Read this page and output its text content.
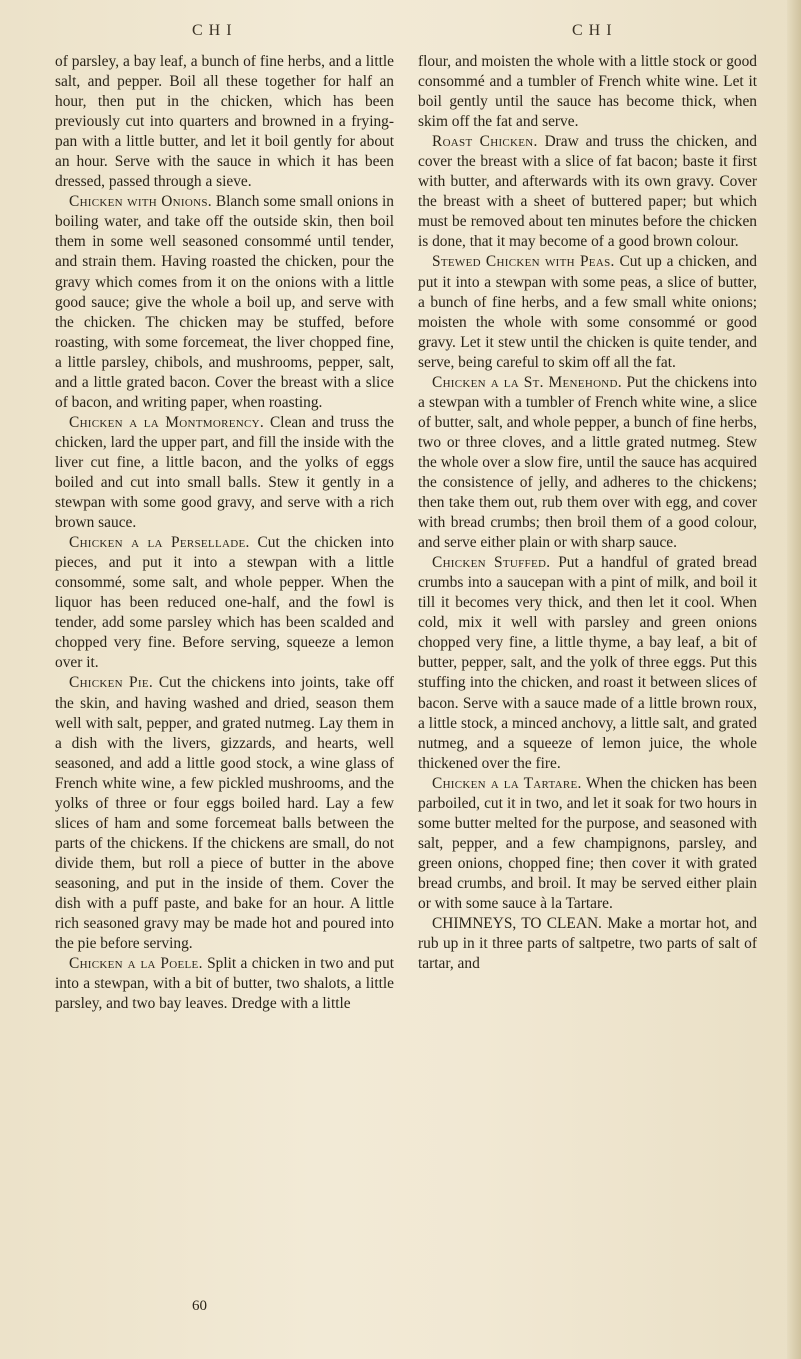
C H I	C H I

of parsley, a bay leaf, a bunch of fine herbs, and a little salt, and pepper. Boil all these together for half an hour, then put in the chicken, which has been previously cut into quarters and browned in a frying-pan with a little butter, and let it boil gently for about an hour. Serve with the sauce in which it has been dressed, passed through a sieve.

Chicken with Onions. Blanch some small onions in boiling water, and take off the outside skin, then boil them in some well seasoned consommé until tender, and strain them. Having roasted the chicken, pour the gravy which comes from it on the onions with a little good sauce; give the whole a boil up, and serve with the chicken. The chicken may be stuffed, before roasting, with some forcemeat, the liver chopped fine, a little parsley, chibols, and mushrooms, pepper, salt, and a little grated bacon. Cover the breast with a slice of bacon, and writing paper, when roasting.

Chicken a la Montmorency. Clean and truss the chicken, lard the upper part, and fill the inside with the liver cut fine, a little bacon, and the yolks of eggs boiled and cut into small balls. Stew it gently in a stewpan with some good gravy, and serve with a rich brown sauce.

Chicken a la Persellade. Cut the chicken into pieces, and put it into a stewpan with a little consommé, some salt, and whole pepper. When the liquor has been reduced one-half, and the fowl is tender, add some parsley which has been scalded and chopped very fine. Before serving, squeeze a lemon over it.

Chicken Pie. Cut the chickens into joints, take off the skin, and having washed and dried, season them well with salt, pepper, and grated nutmeg. Lay them in a dish with the livers, gizzards, and hearts, well seasoned, and add a little good stock, a wine glass of French white wine, a few pickled mushrooms, and the yolks of three or four eggs boiled hard. Lay a few slices of ham and some forcemeat balls between the parts of the chickens. If the chickens are small, do not divide them, but roll a piece of butter in the above seasoning, and put in the inside of them. Cover the dish with a puff paste, and bake for an hour. A little rich seasoned gravy may be made hot and poured into the pie before serving.

Chicken a la Poele. Split a chicken in two and put into a stewpan, with a bit of butter, two shalots, a little parsley, and two bay leaves. Dredge with a little

flour, and moisten the whole with a little stock or good consommé and a tumbler of French white wine. Let it boil gently until the sauce has become thick, when skim off the fat and serve.

Roast Chicken. Draw and truss the chicken, and cover the breast with a slice of fat bacon; baste it first with butter, and afterwards with its own gravy. Cover the breast with a sheet of buttered paper; but which must be removed about ten minutes before the chicken is done, that it may become of a good brown colour.

Stewed Chicken with Peas. Cut up a chicken, and put it into a stewpan with some peas, a slice of butter, a bunch of fine herbs, and a few small white onions; moisten the whole with some consommé or good gravy. Let it stew until the chicken is quite tender, and serve, being careful to skim off all the fat.

Chicken a la St. Menehond. Put the chickens into a stewpan with a tumbler of French white wine, a slice of butter, salt, and whole pepper, a bunch of fine herbs, two or three cloves, and a little grated nutmeg. Stew the whole over a slow fire, until the sauce has acquired the consistence of jelly, and adheres to the chickens; then take them out, rub them over with egg, and cover with bread crumbs; then broil them of a good colour, and serve either plain or with sharp sauce.

Chicken Stuffed. Put a handful of grated bread crumbs into a saucepan with a pint of milk, and boil it till it becomes very thick, and then let it cool. When cold, mix it well with parsley and green onions chopped very fine, a little thyme, a bay leaf, a bit of butter, pepper, salt, and the yolk of three eggs. Put this stuffing into the chicken, and roast it between slices of bacon. Serve with a sauce made of a little brown roux, a little stock, a minced anchovy, a little salt, and grated nutmeg, and a squeeze of lemon juice, the whole thickened over the fire.

Chicken a la Tartare. When the chicken has been parboiled, cut it in two, and let it soak for two hours in some butter melted for the purpose, and seasoned with salt, pepper, and a few champignons, parsley, and green onions, chopped fine; then cover it with grated bread crumbs, and broil. It may be served either plain or with some sauce à la Tartare.

CHIMNEYS, TO CLEAN. Make a mortar hot, and rub up in it three parts of saltpetre, two parts of salt of tartar, and

60
